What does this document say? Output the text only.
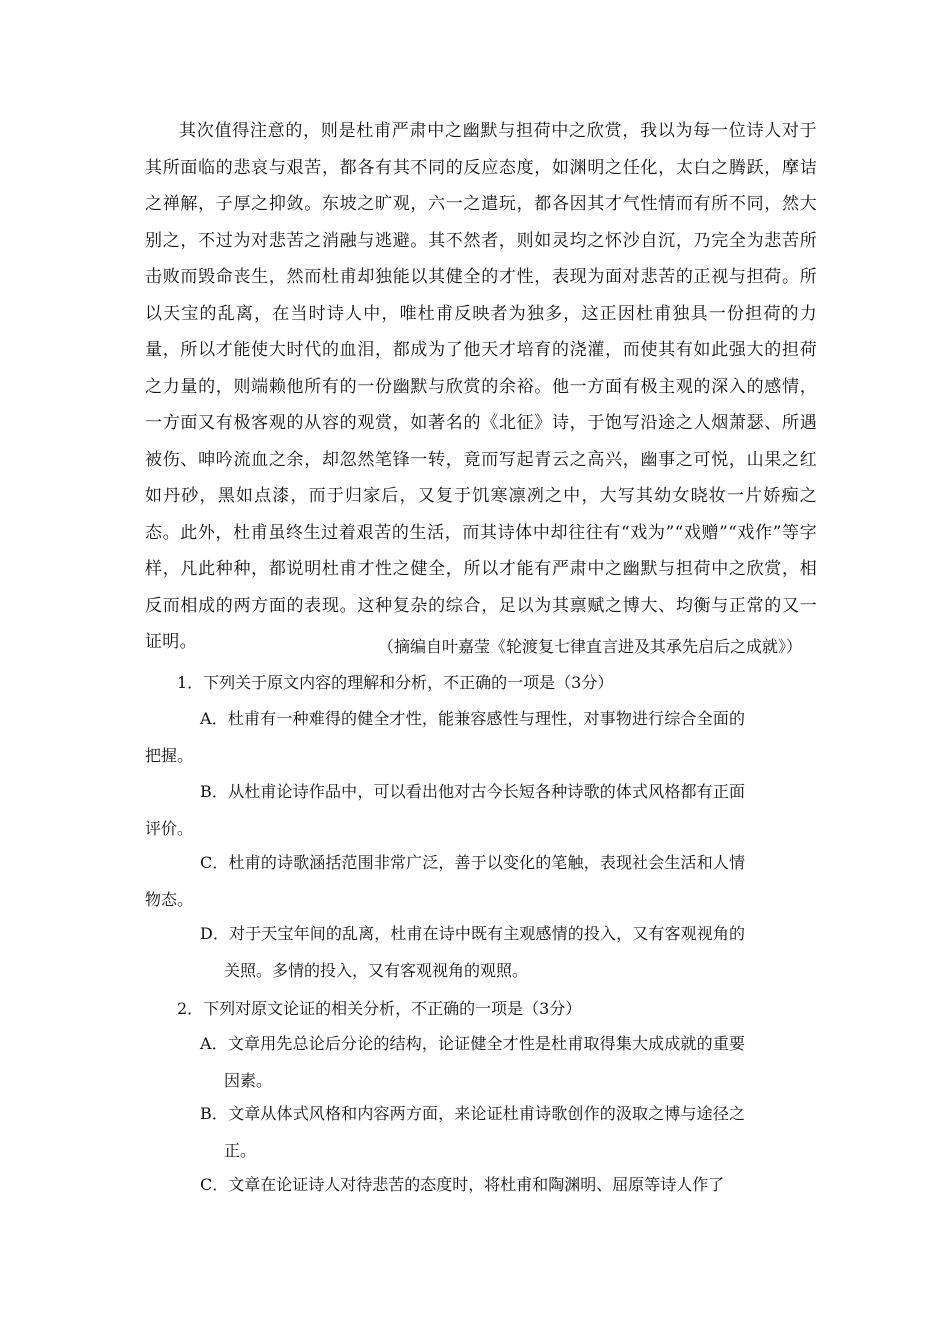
其次值得注意的，则是杜甫严肃中之幽默与担荷中之欣赏，我以为每一位诗人对于其所面临的悲哀与艰苦，都各有其不同的反应态度，如渊明之任化，太白之腾跃，摩诘之禅解，子厚之抑敛。东坡之旷观，六一之遣玩，都各因其才气性情而有所不同，然大别之，不过为对悲苦之消融与逃避。其不然者，则如灵均之怀沙自沉，乃完全为悲苦所击败而毁命丧生，然而杜甫却独能以其健全的才性，表现为面对悲苦的正视与担荷。所以天宝的乱离，在当时诗人中，唯杜甫反映者为独多，这正因杜甫独具一份担荷的力量，所以才能使大时代的血泪，都成为了他天才培育的浇灌，而使其有如此强大的担荷之力量的，则端赖他所有的一份幽默与欣赏的余裕。他一方面有极主观的深入的感情，一方面又有极客观的从容的观赏，如著名的《北征》诗，于饱写沿途之人烟萧瑟、所遇被伤、呻吟流血之余，却忽然笔锋一转，竟而写起青云之高兴，幽事之可悦，山果之红如丹砂，黑如点漆，而于归家后，又复于饥寒凛冽之中，大写其幼女晓妆一片娇痴之态。此外，杜甫虽终生过着艰苦的生活，而其诗体中却往往有“戏为”“戏赠”“戏作”等字样，凡此种种，都说明杜甫才性之健全，所以才能有严肃中之幽默与担荷中之欣赏，相反而相成的两方面的表现。这种复杂的综合，足以为其禀赋之博大、均衡与正常的又一证明。	（摘编自叶嘉莹《轮渡复七律直言进及其承先启后之成就》）

1．下列关于原文内容的理解和分析，不正确的一项是（3分）

A．杜甫有一种难得的健全才性，能兼容感性与理性，对事物进行综合全面的把握。

B．从杜甫论诗作品中，可以看出他对古今长短各种诗歌的体式风格都有正面评价。

C．杜甫的诗歌涵括范围非常广泛，善于以变化的笔触，表现社会生活和人情物态。

D．对于天宝年间的乱离，杜甫在诗中既有主观感情的投入，又有客观视角的关照。多情的投入，又有客观视角的观照。

2．下列对原文论证的相关分析，不正确的一项是（3分）

A．文章用先总论后分论的结构，论证健全才性是杜甫取得集大成成就的重要因素。

B．文章从体式风格和内容两方面，来论证杜甫诗歌创作的汲取之博与途径之正。

C．文章在论证诗人对待悲苦的态度时，将杜甫和陶渊明、屈原等诗人作了
